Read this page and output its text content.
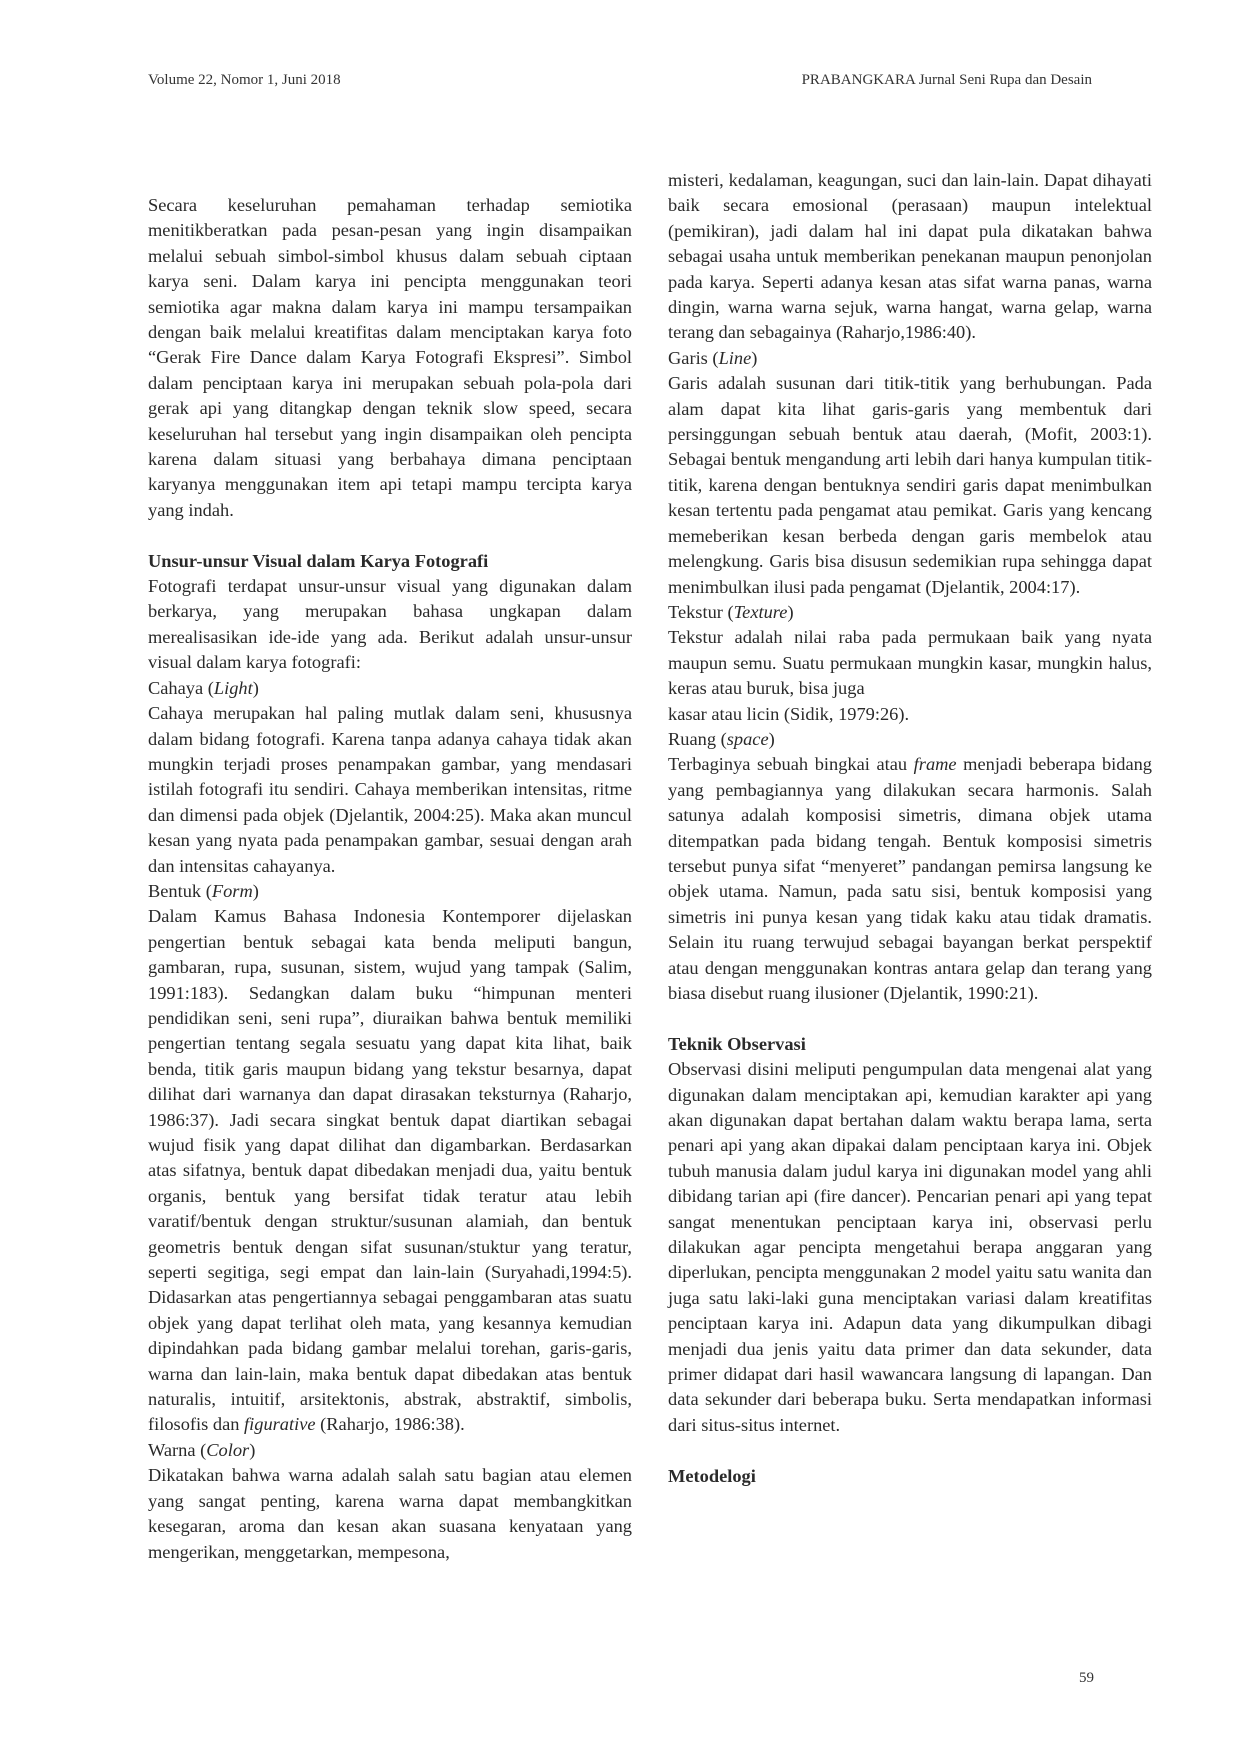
Volume 22, Nomor 1, Juni 2018	PRABANGKARA Jurnal Seni Rupa dan Desain

Secara keseluruhan pemahaman terhadap semiotika menitikberatkan pada pesan-pesan yang ingin disampaikan melalui sebuah simbol-simbol khusus dalam sebuah ciptaan karya seni. Dalam karya ini pencipta menggunakan teori semiotika agar makna dalam karya ini mampu tersampaikan dengan baik melalui kreatifitas dalam menciptakan karya foto “Gerak Fire Dance dalam Karya Fotografi Ekspresi”. Simbol dalam penciptaan karya ini merupakan sebuah pola-pola dari gerak api yang ditangkap dengan teknik slow speed, secara keseluruhan hal tersebut yang ingin disampaikan oleh pencipta karena dalam situasi yang berbahaya dimana penciptaan karyanya menggunakan item api tetapi mampu tercipta karya yang indah.

Unsur-unsur Visual dalam Karya Fotografi

Fotografi terdapat unsur-unsur visual yang digunakan dalam berkarya, yang merupakan bahasa ungkapan dalam merealisasikan ide-ide yang ada. Berikut adalah unsur-unsur visual dalam karya fotografi:

Cahaya (Light)

Cahaya merupakan hal paling mutlak dalam seni, khususnya dalam bidang fotografi. Karena tanpa adanya cahaya tidak akan mungkin terjadi proses penampakan gambar, yang mendasari istilah fotografi itu sendiri. Cahaya memberikan intensitas, ritme dan dimensi pada objek (Djelantik, 2004:25). Maka akan muncul kesan yang nyata pada penampakan gambar, sesuai dengan arah dan intensitas cahayanya.

Bentuk (Form)

Dalam Kamus Bahasa Indonesia Kontemporer dijelaskan pengertian bentuk sebagai kata benda meliputi bangun, gambaran, rupa, susunan, sistem, wujud yang tampak (Salim, 1991:183). Sedangkan dalam buku “himpunan menteri pendidikan seni, seni rupa”, diuraikan bahwa bentuk memiliki pengertian tentang segala sesuatu yang dapat kita lihat, baik benda, titik garis maupun bidang yang tekstur besarnya, dapat dilihat dari warnanya dan dapat dirasakan teksturnya (Raharjo, 1986:37). Jadi secara singkat bentuk dapat diartikan sebagai wujud fisik yang dapat dilihat dan digambarkan. Berdasarkan atas sifatnya, bentuk dapat dibedakan menjadi dua, yaitu bentuk organis, bentuk yang bersifat tidak teratur atau lebih varatif/bentuk dengan struktur/susunan alamiah, dan bentuk geometris bentuk dengan sifat susunan/stuktur yang teratur, seperti segitiga, segi empat dan lain-lain (Suryahadi,1994:5). Didasarkan atas pengertiannya sebagai penggambaran atas suatu objek yang dapat terlihat oleh mata, yang kesannya kemudian dipindahkan pada bidang gambar melalui torehan, garis-garis, warna dan lain-lain, maka bentuk dapat dibedakan atas bentuk naturalis, intuitif, arsitektonis, abstrak, abstraktif, simbolis, filosofis dan figurative (Raharjo, 1986:38).

Warna (Color)

Dikatakan bahwa warna adalah salah satu bagian atau elemen yang sangat penting, karena warna dapat membangkitkan kesegaran, aroma dan kesan akan suasana kenyataan yang mengerikan, menggetarkan, mempesona,

misteri, kedalaman, keagungan, suci dan lain-lain. Dapat dihayati baik secara emosional (perasaan) maupun intelektual (pemikiran), jadi dalam hal ini dapat pula dikatakan bahwa sebagai usaha untuk memberikan penekanan maupun penonjolan pada karya. Seperti adanya kesan atas sifat warna panas, warna dingin, warna warna sejuk, warna hangat, warna gelap, warna terang dan sebagainya (Raharjo,1986:40).

Garis (Line)

Garis adalah susunan dari titik-titik yang berhubungan. Pada alam dapat kita lihat garis-garis yang membentuk dari persinggungan sebuah bentuk atau daerah, (Mofit, 2003:1). Sebagai bentuk mengandung arti lebih dari hanya kumpulan titik-titik, karena dengan bentuknya sendiri garis dapat menimbulkan kesan tertentu pada pengamat atau pemikat. Garis yang kencang memeberikan kesan berbeda dengan garis membelok atau melengkung. Garis bisa disusun sedemikian rupa sehingga dapat menimbulkan ilusi pada pengamat (Djelantik, 2004:17).

Tekstur (Texture)

Tekstur adalah nilai raba pada permukaan baik yang nyata maupun semu. Suatu permukaan mungkin kasar, mungkin halus, keras atau buruk, bisa juga

kasar atau licin (Sidik, 1979:26).

Ruang (space)

Terbaginya sebuah bingkai atau frame menjadi beberapa bidang yang pembagiannya yang dilakukan secara harmonis. Salah satunya adalah komposisi simetris, dimana objek utama ditempatkan pada bidang tengah. Bentuk komposisi simetris tersebut punya sifat “menyeret” pandangan pemirsa langsung ke objek utama. Namun, pada satu sisi, bentuk komposisi yang simetris ini punya kesan yang tidak kaku atau tidak dramatis. Selain itu ruang terwujud sebagai bayangan berkat perspektif atau dengan menggunakan kontras antara gelap dan terang yang biasa disebut ruang ilusioner (Djelantik, 1990:21).

Teknik Observasi

Observasi disini meliputi pengumpulan data mengenai alat yang digunakan dalam menciptakan api, kemudian karakter api yang akan digunakan dapat bertahan dalam waktu berapa lama, serta penari api yang akan dipakai dalam penciptaan karya ini. Objek tubuh manusia dalam judul karya ini digunakan model yang ahli dibidang tarian api (fire dancer). Pencarian penari api yang tepat sangat menentukan penciptaan karya ini, observasi perlu dilakukan agar pencipta mengetahui berapa anggaran yang diperlukan, pencipta menggunakan 2 model yaitu satu wanita dan juga satu laki-laki guna menciptakan variasi dalam kreatifitas penciptaan karya ini. Adapun data yang dikumpulkan dibagi menjadi dua jenis yaitu data primer dan data sekunder, data primer didapat dari hasil wawancara langsung di lapangan. Dan data sekunder dari beberapa buku. Serta mendapatkan informasi dari situs-situs internet.

Metodelogi
59
